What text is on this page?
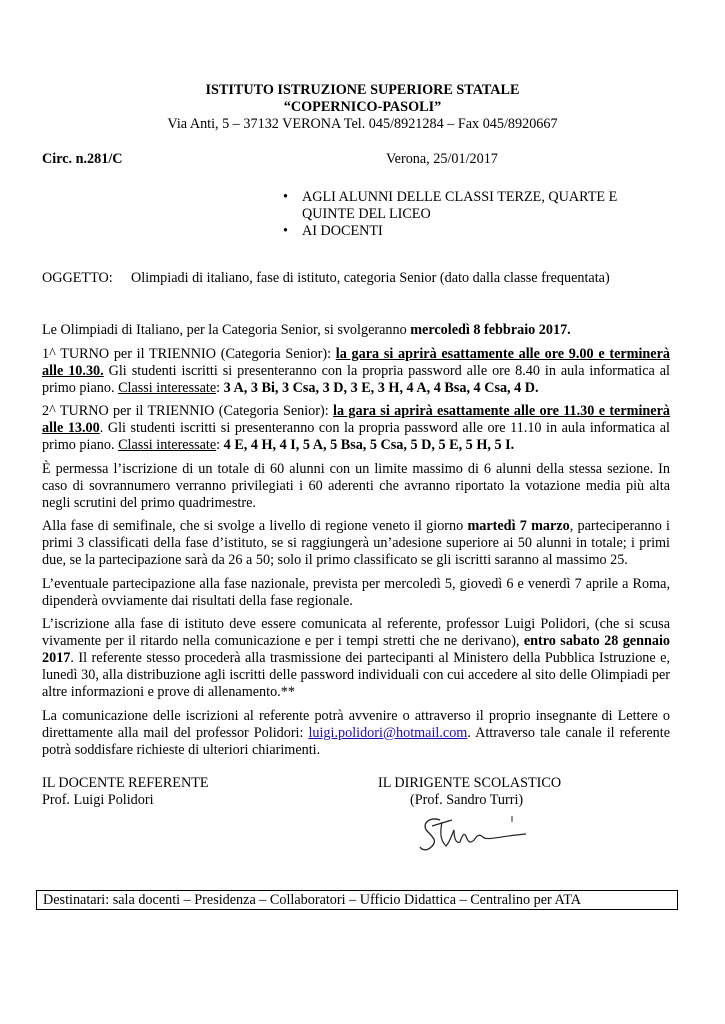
ISTITUTO ISTRUZIONE SUPERIORE STATALE
“COPERNICO-PASOLI”
Via Anti, 5 – 37132 VERONA Tel. 045/8921284 – Fax 045/8920667
Circ. n.281/C	Verona, 25/01/2017
• AGLI ALUNNI DELLE CLASSI TERZE, QUARTE E QUINTE DEL LICEO
• AI DOCENTI
OGGETTO: Olimpiadi di italiano, fase di istituto, categoria Senior (dato dalla classe frequentata)

Le Olimpiadi di Italiano, per la Categoria Senior, si svolgeranno mercoledì 8 febbraio 2017.

1^ TURNO per il TRIENNIO (Categoria Senior): la gara si aprirà esattamente alle ore 9.00 e terminerà alle 10.30. Gli studenti iscritti si presenteranno con la propria password alle ore 8.40 in aula informatica al primo piano. Classi interessate: 3 A, 3 Bi, 3 Csa, 3 D, 3 E, 3 H, 4 A, 4 Bsa, 4 Csa, 4 D.

2^ TURNO per il TRIENNIO (Categoria Senior): la gara si aprirà esattamente alle ore 11.30 e terminerà alle 13.00. Gli studenti iscritti si presenteranno con la propria password alle ore 11.10 in aula informatica al primo piano. Classi interessate: 4 E, 4 H, 4 I, 5 A, 5 Bsa, 5 Csa, 5 D, 5 E, 5 H, 5 I.

È permessa l’iscrizione di un totale di 60 alunni con un limite massimo di 6 alunni della stessa sezione. In caso di sovrannumero verranno privilegiati i 60 aderenti che avranno riportato la votazione media più alta negli scrutini del primo quadrimestre.

Alla fase di semifinale, che si svolge a livello di regione veneto il giorno martedì 7 marzo, parteciperanno i primi 3 classificati della fase d’istituto, se si raggiungerà un’adesione superiore ai 50 alunni in totale; i primi due, se la partecipazione sarà da 26 a 50; solo il primo classificato se gli iscritti saranno al massimo 25.

L’eventuale partecipazione alla fase nazionale, prevista per mercoledì 5, giovedì 6 e venerdì 7 aprile a Roma, dipenderà ovviamente dai risultati della fase regionale.

L’iscrizione alla fase di istituto deve essere comunicata al referente, professor Luigi Polidori, (che si scusa vivamente per il ritardo nella comunicazione e per i tempi stretti che ne derivano), entro sabato 28 gennaio 2017. Il referente stesso procederà alla trasmissione dei partecipanti al Ministero della Pubblica Istruzione e, lunedì 30, alla distribuzione agli iscritti delle password individuali con cui accedere al sito delle Olimpiadi per altre informazioni e prove di allenamento.**

La comunicazione delle iscrizioni al referente potrà avvenire o attraverso il proprio insegnante di Lettere o direttamente alla mail del professor Polidori: luigi.polidori@hotmail.com. Attraverso tale canale il referente potrà soddisfare richieste di ulteriori chiarimenti.

IL DOCENTE REFERENTE
Prof. Luigi Polidori
IL DIRIGENTE SCOLASTICO
(Prof. Sandro Turri)
Destinatari: sala docenti – Presidenza – Collaboratori – Ufficio Didattica – Centralino per ATA
